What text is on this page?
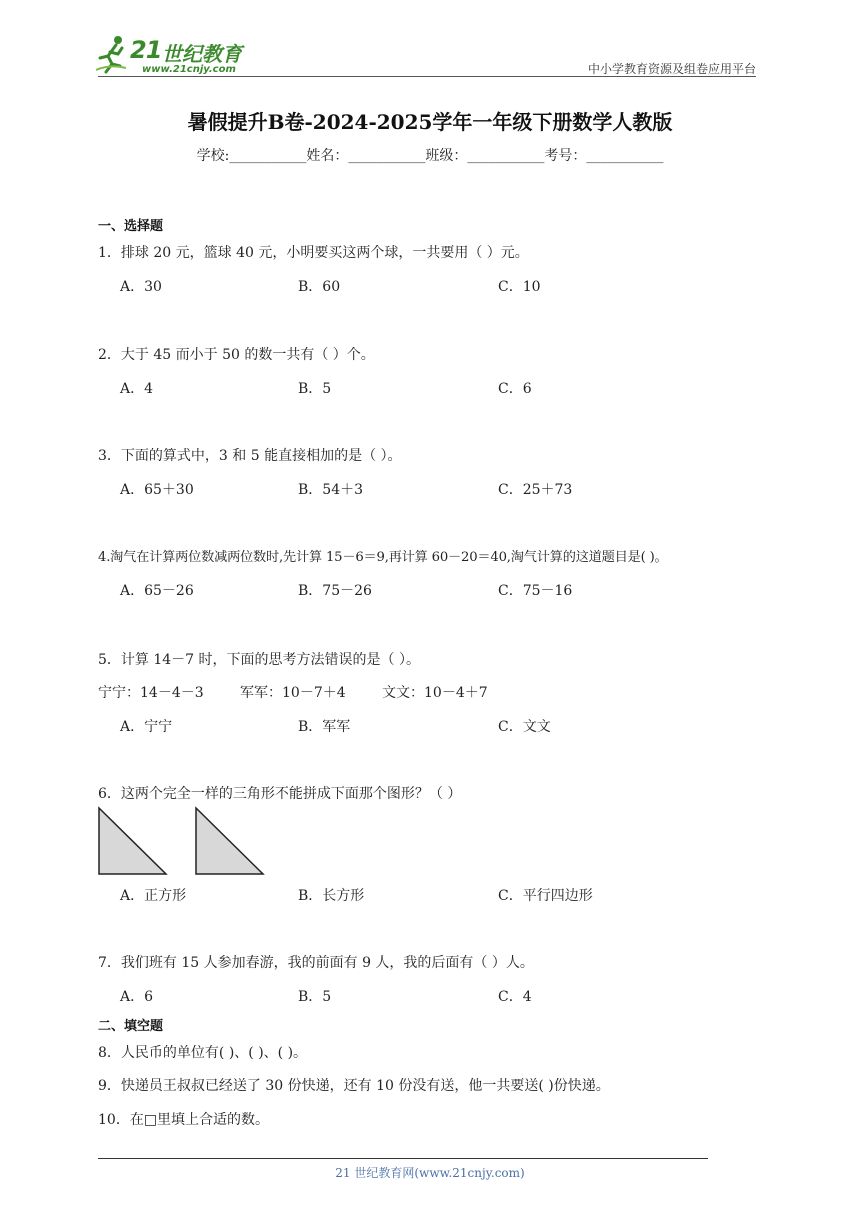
21 世纪教育
www.21cnjy.com	中小学教育资源及组卷应用平台
暑假提升B卷-2024-2025学年一年级下册数学人教版
学校:___________姓名：___________班级：___________考号：___________
一、选择题
1．排球 20 元，篮球 40 元，小明要买这两个球，一共要用（ ）元。
A．30	B．60	C．10
2．大于 45 而小于 50 的数一共有（ ）个。
A．4	B．5	C．6
3．下面的算式中，3 和 5 能直接相加的是（ ）。
A．65＋30	B．54＋3	C．25＋73
4.淘气在计算两位数减两位数时,先计算 15－6＝9,再计算 60－20＝40,淘气计算的这道题目是( )。
A．65－26	B．75－26	C．75－16
5．计算 14－7 时，下面的思考方法错误的是（ ）。
宁宁：14－4－3	军军：10－7＋4	文文：10－4＋7
A．宁宁	B．军军	C．文文
6．这两个完全一样的三角形不能拼成下面那个图形？（ ）
A．正方形	B．长方形	C．平行四边形
7．我们班有 15 人参加春游，我的前面有 9 人，我的后面有（ ）人。
A．6	B．5	C．4
二、填空题
8．人民币的单位有( )、( )、( )。
9．快递员王叔叔已经送了 30 份快递，还有 10 份没有送，他一共要送( )份快递。
10．在□里填上合适的数。
21 世纪教育网(www.21cnjy.com)
